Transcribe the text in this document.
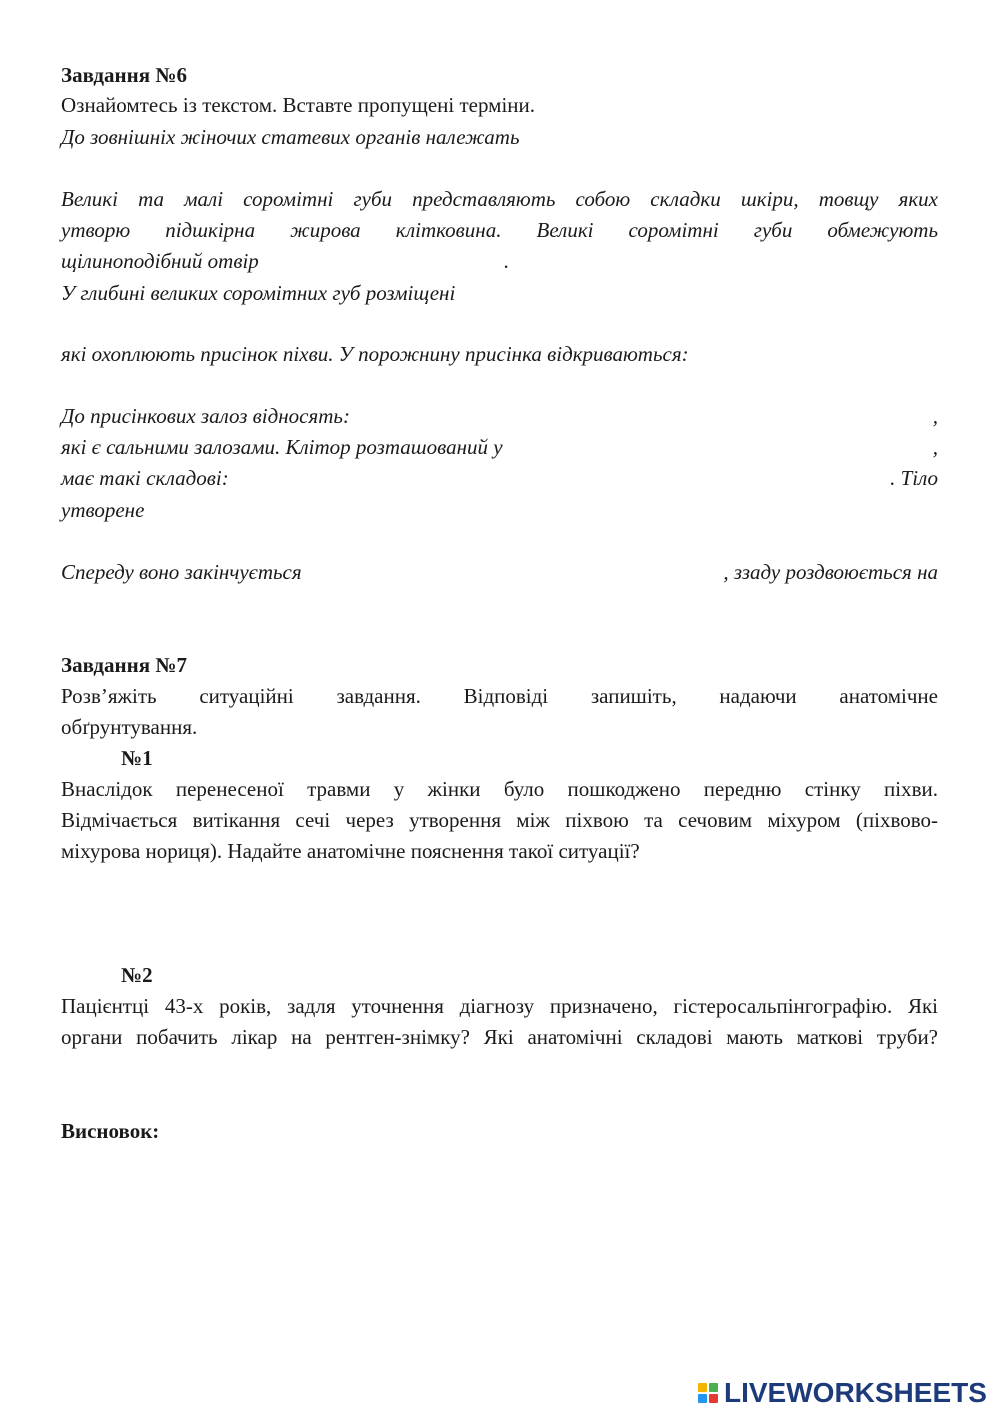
Завдання №6

Ознайомтесь із текстом. Вставте пропущені терміни.

До зовнішніх жіночих статевих органів належать

Великі та малі соромітні губи представляють собою складки шкіри, товщу яких

утворю підшкірна жирова клітковина. Великі соромітні губи обмежують

щілиноподібний отвір	.

У глибині великих соромітних губ розміщені

які охоплюють присінок піхви. У порожнину присінка відкриваються:

До присінкових залоз відносять:	,
які є сальними залозами. Клітор розташований у	,
має такі складові:	. Тіло

утворене

Спереду воно закінчується	, ззаду роздвоюється на

Завдання №7

Розв’яжіть ситуаційні завдання. Відповіді запишіть, надаючи анатомічне

обґрунтування.

№1

Внаслідок перенесеної травми у жінки було пошкоджено передню стінку піхви.

Відмічається витікання сечі через утворення між піхвою та сечовим міхуром (піхвово-

міхурова нориця). Надайте анатомічне пояснення такої ситуації?

№2

Пацієнтці 43-х років, задля уточнення діагнозу призначено, гістеросальпінгографію. Які

органи побачить лікар на рентген-знімку? Які анатомічні складові мають маткові труби?

Висновок:

LIVEWORKSHEETS
